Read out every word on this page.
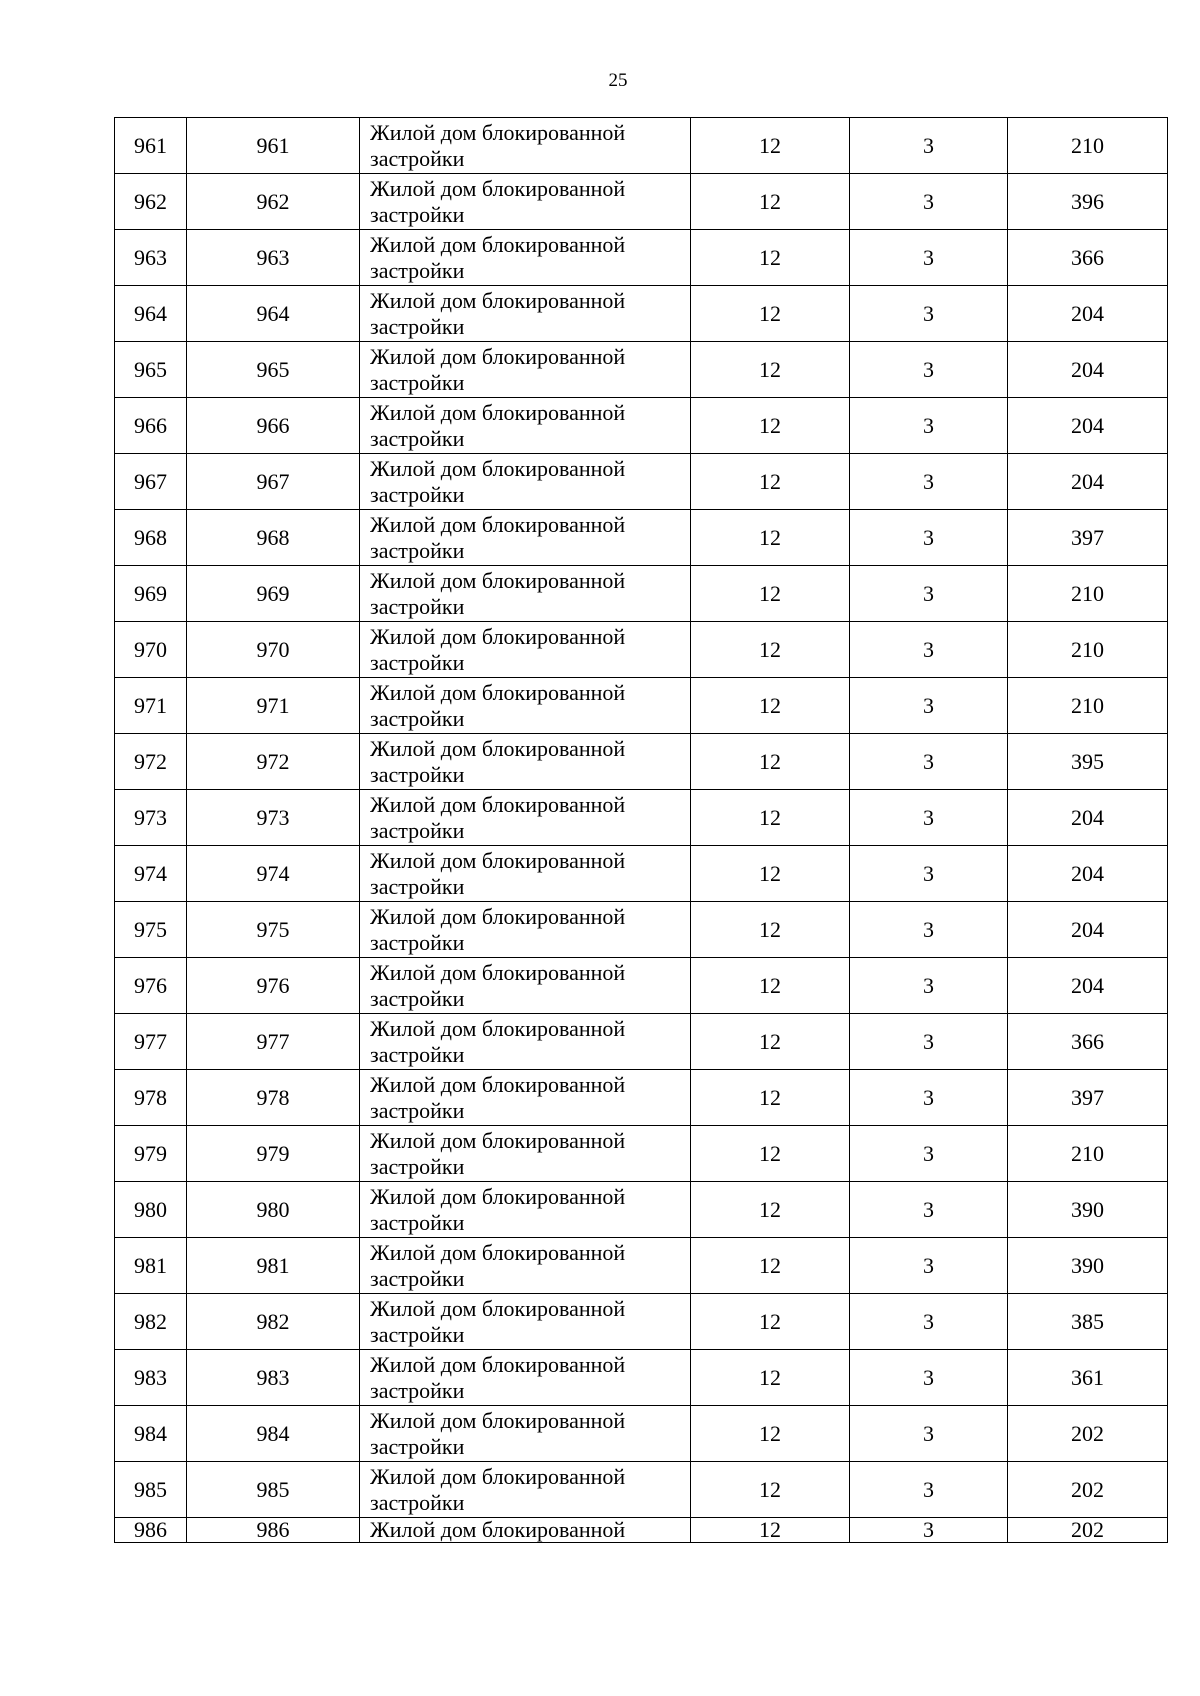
25
961	961	Жилой дом блокированной застройки	12	3	210
962	962	Жилой дом блокированной застройки	12	3	396
963	963	Жилой дом блокированной застройки	12	3	366
964	964	Жилой дом блокированной застройки	12	3	204
965	965	Жилой дом блокированной застройки	12	3	204
966	966	Жилой дом блокированной застройки	12	3	204
967	967	Жилой дом блокированной застройки	12	3	204
968	968	Жилой дом блокированной застройки	12	3	397
969	969	Жилой дом блокированной застройки	12	3	210
970	970	Жилой дом блокированной застройки	12	3	210
971	971	Жилой дом блокированной застройки	12	3	210
972	972	Жилой дом блокированной застройки	12	3	395
973	973	Жилой дом блокированной застройки	12	3	204
974	974	Жилой дом блокированной застройки	12	3	204
975	975	Жилой дом блокированной застройки	12	3	204
976	976	Жилой дом блокированной застройки	12	3	204
977	977	Жилой дом блокированной застройки	12	3	366
978	978	Жилой дом блокированной застройки	12	3	397
979	979	Жилой дом блокированной застройки	12	3	210
980	980	Жилой дом блокированной застройки	12	3	390
981	981	Жилой дом блокированной застройки	12	3	390
982	982	Жилой дом блокированной застройки	12	3	385
983	983	Жилой дом блокированной застройки	12	3	361
984	984	Жилой дом блокированной застройки	12	3	202
985	985	Жилой дом блокированной застройки	12	3	202
986	986	Жилой дом блокированной	12	3	202
